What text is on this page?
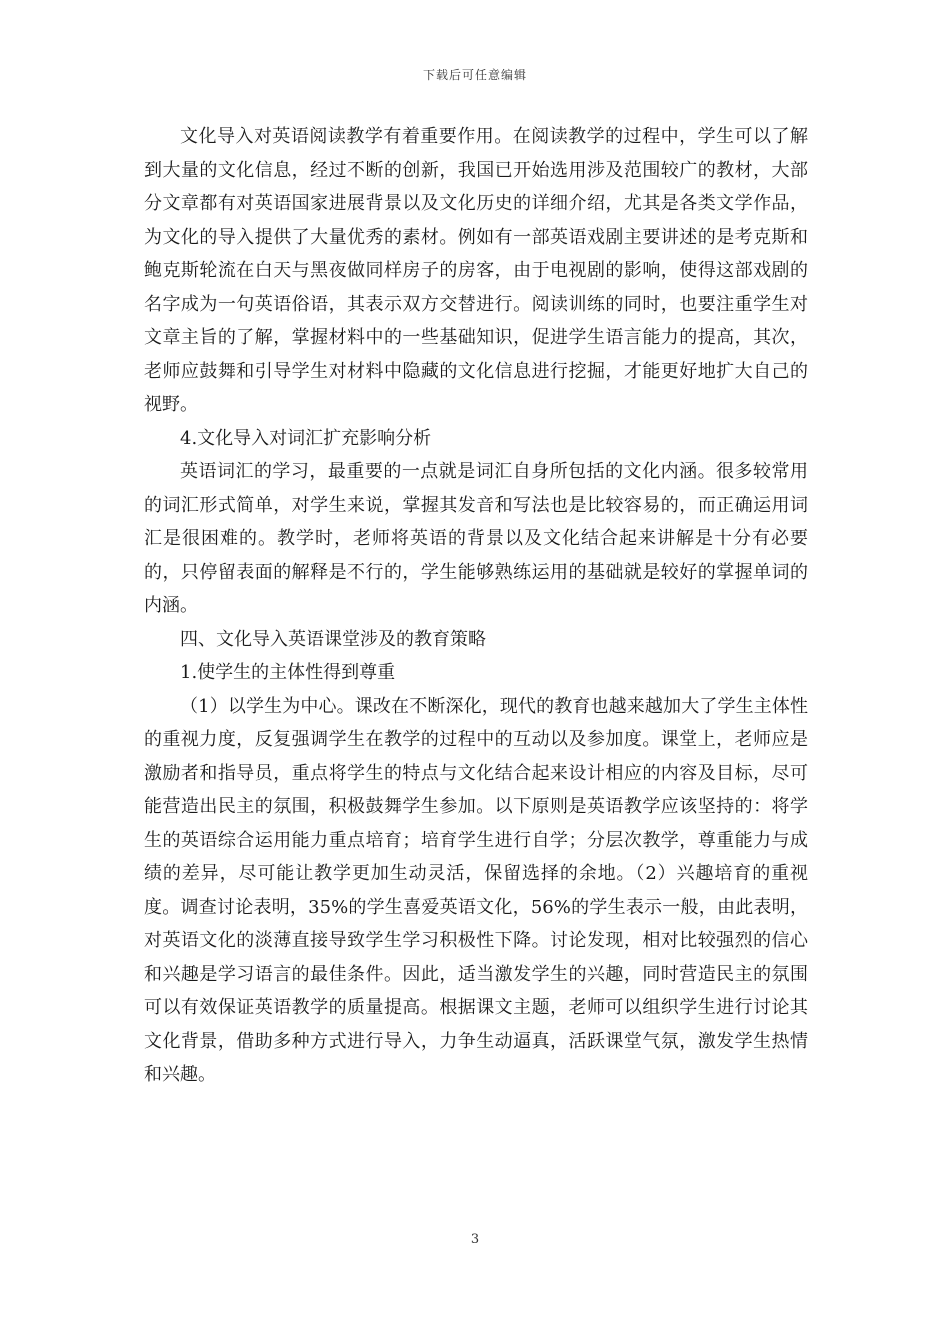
下载后可任意编辑

文化导入对英语阅读教学有着重要作用。在阅读教学的过程中，学生可以了解到大量的文化信息，经过不断的创新，我国已开始选用涉及范围较广的教材，大部分文章都有对英语国家进展背景以及文化历史的详细介绍，尤其是各类文学作品，为文化的导入提供了大量优秀的素材。例如有一部英语戏剧主要讲述的是考克斯和鲍克斯轮流在白天与黑夜做同样房子的房客，由于电视剧的影响，使得这部戏剧的名字成为一句英语俗语，其表示双方交替进行。阅读训练的同时，也要注重学生对文章主旨的了解，掌握材料中的一些基础知识，促进学生语言能力的提高，其次，老师应鼓舞和引导学生对材料中隐藏的文化信息进行挖掘，才能更好地扩大自己的视野。

4.文化导入对词汇扩充影响分析

英语词汇的学习，最重要的一点就是词汇自身所包括的文化内涵。很多较常用的词汇形式简单，对学生来说，掌握其发音和写法也是比较容易的，而正确运用词汇是很困难的。教学时，老师将英语的背景以及文化结合起来讲解是十分有必要的，只停留表面的解释是不行的，学生能够熟练运用的基础就是较好的掌握单词的内涵。

四、文化导入英语课堂涉及的教育策略

1.使学生的主体性得到尊重

（1）以学生为中心。课改在不断深化，现代的教育也越来越加大了学生主体性的重视力度，反复强调学生在教学的过程中的互动以及参加度。课堂上，老师应是激励者和指导员，重点将学生的特点与文化结合起来设计相应的内容及目标，尽可能营造出民主的氛围，积极鼓舞学生参加。以下原则是英语教学应该坚持的：将学生的英语综合运用能力重点培育；培育学生进行自学；分层次教学，尊重能力与成绩的差异，尽可能让教学更加生动灵活，保留选择的余地。（2）兴趣培育的重视度。调查讨论表明，35%的学生喜爱英语文化，56%的学生表示一般，由此表明，对英语文化的淡薄直接导致学生学习积极性下降。讨论发现，相对比较强烈的信心和兴趣是学习语言的最佳条件。因此，适当激发学生的兴趣，同时营造民主的氛围可以有效保证英语教学的质量提高。根据课文主题，老师可以组织学生进行讨论其文化背景，借助多种方式进行导入，力争生动逼真，活跃课堂气氛，激发学生热情和兴趣。

3
